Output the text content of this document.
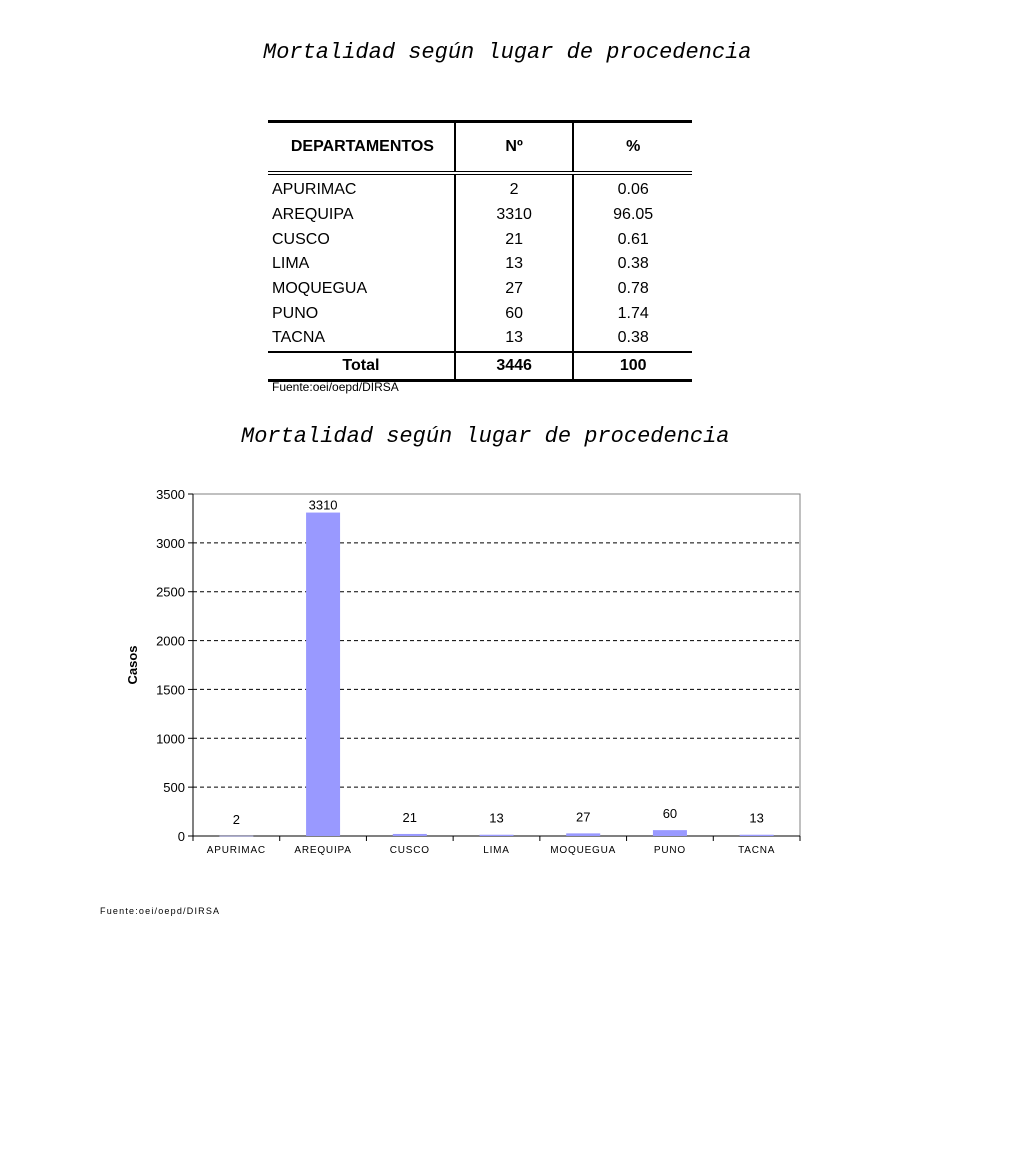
Mortalidad según lugar de procedencia
DEPARTAMENTOS	Nº	%
APURIMAC	2	0.06
AREQUIPA	3310	96.05
CUSCO	21	0.61
LIMA	13	0.38
MOQUEGUA	27	0.78
PUNO	60	1.74
TACNA	13	0.38
Total	3446	100
Fuente:oei/oepd/DIRSA
Mortalidad según lugar de procedencia
0
500
1000
1500
2000
2500
3000
3500
2
APURIMAC
3310
AREQUIPA
21
CUSCO
13
LIMA
27
MOQUEGUA
60
PUNO
13
TACNA
Casos
Fuente:oei/oepd/DIRSA
